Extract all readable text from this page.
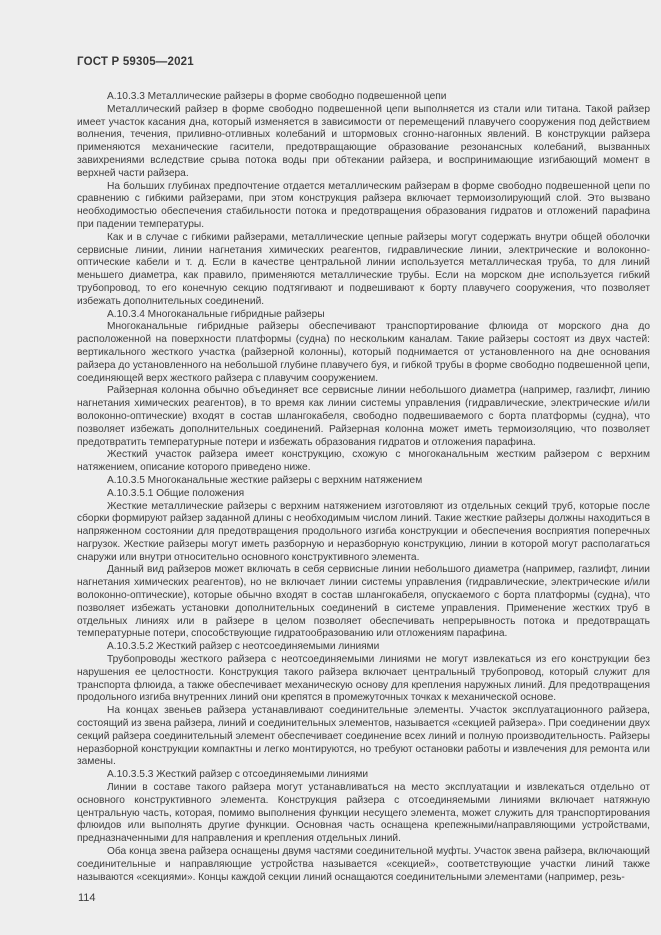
ГОСТ Р 59305—2021

А.10.3.3 Металлические райзеры в форме свободно подвешенной цепи

Металлический райзер в форме свободно подвешенной цепи выполняется из стали или титана. Такой райзер имеет участок касания дна, который изменяется в зависимости от перемещений плавучего сооружения под действием волнения, течения, приливно-отливных колебаний и штормовых сгонно-нагонных явлений. В конструкции райзера применяются механические гасители, предотвращающие образование резонансных колебаний, вызванных завихрениями вследствие срыва потока воды при обтекании райзера, и воспринимающие изгибающий момент в верхней части райзера.

На больших глубинах предпочтение отдается металлическим райзерам в форме свободно подвешенной цепи по сравнению с гибкими райзерами, при этом конструкция райзера включает термоизолирующий слой. Это вызвано необходимостью обеспечения стабильности потока и предотвращения образования гидратов и отложений парафина при падении температуры.

Как и в случае с гибкими райзерами, металлические цепные райзеры могут содержать внутри общей оболочки сервисные линии, линии нагнетания химических реагентов, гидравлические линии, электрические и волоконно-оптические кабели и т. д. Если в качестве центральной линии используется металлическая труба, то для линий меньшего диаметра, как правило, применяются металлические трубы. Если на морском дне используется гибкий трубопровод, то его конечную секцию подтягивают и подвешивают к борту плавучего сооружения, что позволяет избежать дополнительных соединений.

А.10.3.4 Многоканальные гибридные райзеры

Многоканальные гибридные райзеры обеспечивают транспортирование флюида от морского дна до расположенной на поверхности платформы (судна) по нескольким каналам. Такие райзеры состоят из двух частей: вертикального жесткого участка (райзерной колонны), который поднимается от установленного на дне основания райзера до установленного на небольшой глубине плавучего буя, и гибкой трубы в форме свободно подвешенной цепи, соединяющей верх жесткого райзера с плавучим сооружением.

Райзерная колонна обычно объединяет все сервисные линии небольшого диаметра (например, газлифт, линию нагнетания химических реагентов), в то время как линии системы управления (гидравлические, электрические и/или волоконно-оптические) входят в состав шлангокабеля, свободно подвешиваемого с борта платформы (судна), что позволяет избежать дополнительных соединений. Райзерная колонна может иметь термоизоляцию, что позволяет предотвратить температурные потери и избежать образования гидратов и отложения парафина.

Жесткий участок райзера имеет конструкцию, схожую с многоканальным жестким райзером с верхним натяжением, описание которого приведено ниже.

А.10.3.5 Многоканальные жесткие райзеры с верхним натяжением

А.10.3.5.1 Общие положения

Жесткие металлические райзеры с верхним натяжением изготовляют из отдельных секций труб, которые после сборки формируют райзер заданной длины с необходимым числом линий. Такие жесткие райзеры должны находиться в напряженном состоянии для предотвращения продольного изгиба конструкции и обеспечения восприятия поперечных нагрузок. Жесткие райзеры могут иметь разборную и неразборную конструкцию, линии в которой могут располагаться снаружи или внутри относительно основного конструктивного элемента.

Данный вид райзеров может включать в себя сервисные линии небольшого диаметра (например, газлифт, линии нагнетания химических реагентов), но не включает линии системы управления (гидравлические, электрические и/или волоконно-оптические), которые обычно входят в состав шлангокабеля, опускаемого с борта платформы (судна), что позволяет избежать установки дополнительных соединений в системе управления. Применение жестких труб в отдельных линиях или в райзере в целом позволяет обеспечивать непрерывность потока и предотвращать температурные потери, способствующие гидратообразованию или отложениям парафина.

А.10.3.5.2 Жесткий райзер с неотсоединяемыми линиями

Трубопроводы жесткого райзера с неотсоединяемыми линиями не могут извлекаться из его конструкции без нарушения ее целостности. Конструкция такого райзера включает центральный трубопровод, который служит для транспорта флюида, а также обеспечивает механическую основу для крепления наружных линий. Для предотвращения продольного изгиба внутренних линий они крепятся в промежуточных точках к механической основе.

На концах звеньев райзера устанавливают соединительные элементы. Участок эксплуатационного райзера, состоящий из звена райзера, линий и соединительных элементов, называется «секцией райзера». При соединении двух секций райзера соединительный элемент обеспечивает соединение всех линий и полную производительность. Райзеры неразборной конструкции компактны и легко монтируются, но требуют остановки работы и извлечения для ремонта или замены.

А.10.3.5.3 Жесткий райзер с отсоединяемыми линиями

Линии в составе такого райзера могут устанавливаться на место эксплуатации и извлекаться отдельно от основного конструктивного элемента. Конструкция райзера с отсоединяемыми линиями включает натяжную центральную часть, которая, помимо выполнения функции несущего элемента, может служить для транспортирования флюидов или выполнять другие функции. Основная часть оснащена крепежными/направляющими устройствами, предназначенными для направления и крепления отдельных линий.

Оба конца звена райзера оснащены двумя частями соединительной муфты. Участок звена райзера, включающий соединительные и направляющие устройства называется «секцией», соответствующие участки линий также называются «секциями». Концы каждой секции линий оснащаются соединительными элементами (например, резь-

114
